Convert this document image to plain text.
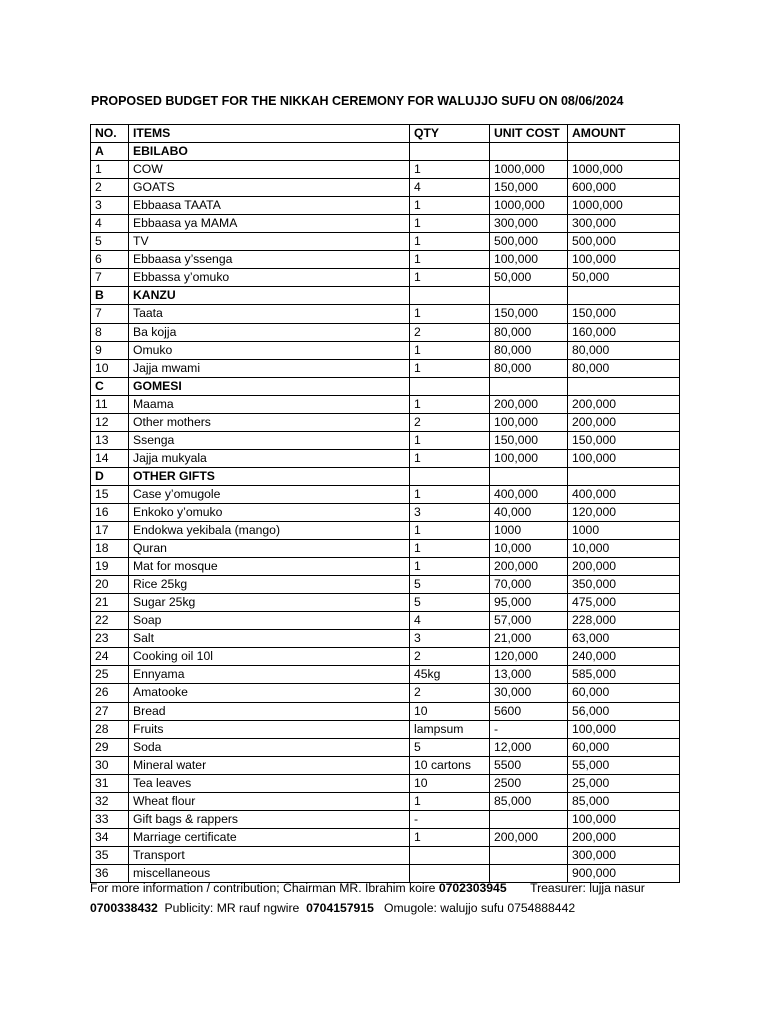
PROPOSED BUDGET FOR THE NIKKAH CEREMONY FOR WALUJJO SUFU ON 08/06/2024
NO.	ITEMS	QTY	UNIT COST	AMOUNT
A	EBILABO			
1	COW	1	1000,000	1000,000
2	GOATS	4	150,000	600,000
3	Ebbaasa TAATA	1	1000,000	1000,000
4	Ebbaasa ya MAMA	1	300,000	300,000
5	TV	1	500,000	500,000
6	Ebbaasa y’ssenga	1	100,000	100,000
7	Ebbassa y’omuko	1	50,000	50,000
B	KANZU			
7	Taata	1	150,000	150,000
8	Ba kojja	2	80,000	160,000
9	Omuko	1	80,000	80,000
10	Jajja mwami	1	80,000	80,000
C	GOMESI			
11	Maama	1	200,000	200,000
12	Other mothers	2	100,000	200,000
13	Ssenga	1	150,000	150,000
14	Jajja mukyala	1	100,000	100,000
D	OTHER GIFTS			
15	Case y’omugole	1	400,000	400,000
16	Enkoko y’omuko	3	40,000	120,000
17	Endokwa yekibala (mango)	1	1000	1000
18	Quran	1	10,000	10,000
19	Mat for mosque	1	200,000	200,000
20	Rice 25kg	5	70,000	350,000
21	Sugar 25kg	5	95,000	475,000
22	Soap	4	57,000	228,000
23	Salt	3	21,000	63,000
24	Cooking oil 10l	2	120,000	240,000
25	Ennyama	45kg	13,000	585,000
26	Amatooke	2	30,000	60,000
27	Bread	10	5600	56,000
28	Fruits	lampsum	-	100,000
29	Soda	5	12,000	60,000
30	Mineral water	10 cartons	5500	55,000
31	Tea leaves	10	2500	25,000
32	Wheat flour	1	85,000	85,000
33	Gift bags & rappers	-		100,000
34	Marriage certificate	1	200,000	200,000
35	Transport			300,000
36	miscellaneous			900,000
For more information / contribution; Chairman MR. Ibrahim koire 0702303945       Treasurer: lujja nasur
0700338432  Publicity: MR rauf ngwire  0704157915   Omugole: walujjo sufu 0754888442
